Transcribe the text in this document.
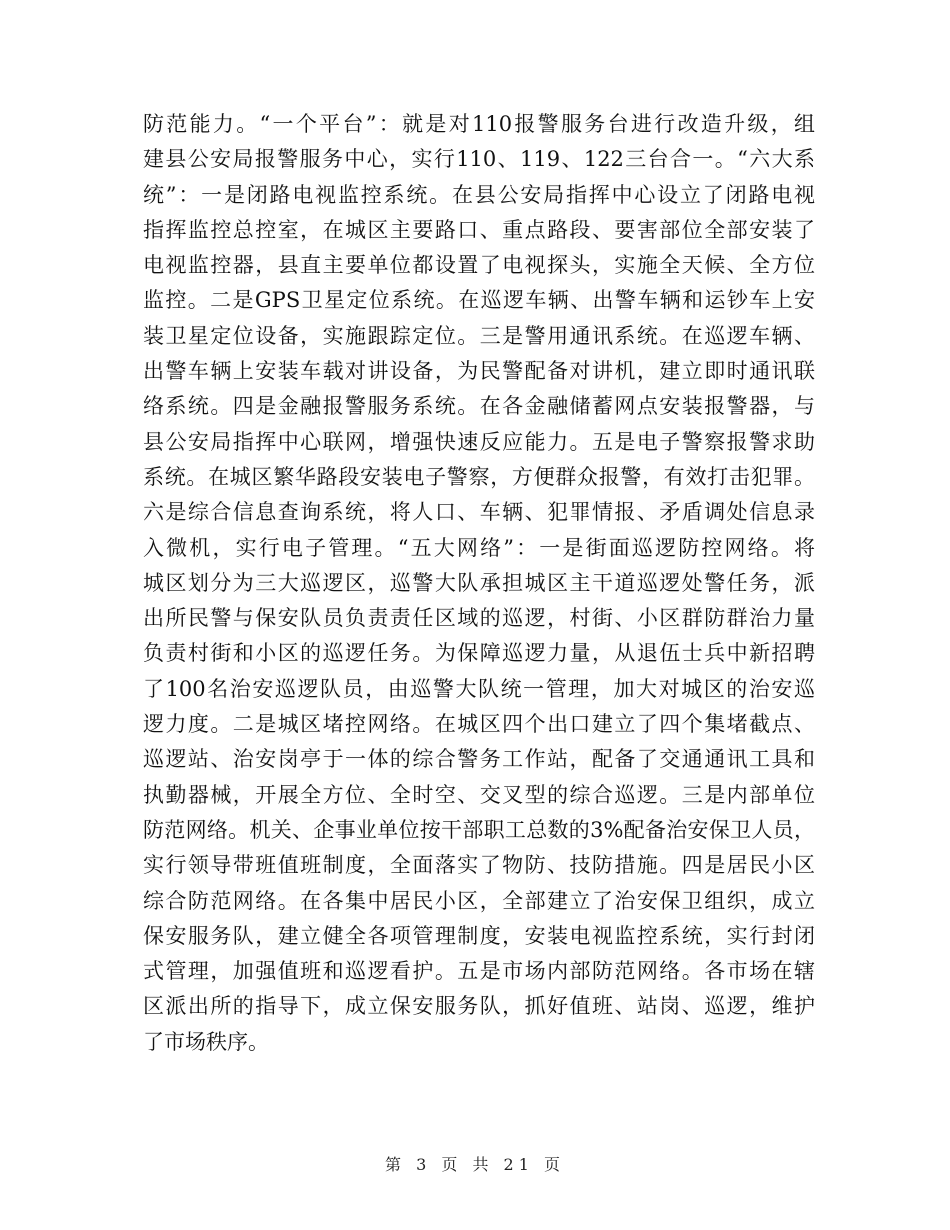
防范能力。“一个平台”：就是对110报警服务台进行改造升级，组
建县公安局报警服务中心，实行110、119、122三台合一。“六大系
统”：一是闭路电视监控系统。在县公安局指挥中心设立了闭路电视
指挥监控总控室，在城区主要路口、重点路段、要害部位全部安装了
电视监控器，县直主要单位都设置了电视探头，实施全天候、全方位
监控。二是GPS卫星定位系统。在巡逻车辆、出警车辆和运钞车上安
装卫星定位设备，实施跟踪定位。三是警用通讯系统。在巡逻车辆、
出警车辆上安装车载对讲设备，为民警配备对讲机，建立即时通讯联
络系统。四是金融报警服务系统。在各金融储蓄网点安装报警器，与
县公安局指挥中心联网，增强快速反应能力。五是电子警察报警求助
系统。在城区繁华路段安装电子警察，方便群众报警，有效打击犯罪。
六是综合信息查询系统，将人口、车辆、犯罪情报、矛盾调处信息录
入微机，实行电子管理。“五大网络”：一是街面巡逻防控网络。将
城区划分为三大巡逻区，巡警大队承担城区主干道巡逻处警任务，派
出所民警与保安队员负责责任区域的巡逻，村街、小区群防群治力量
负责村街和小区的巡逻任务。为保障巡逻力量，从退伍士兵中新招聘
了100名治安巡逻队员，由巡警大队统一管理，加大对城区的治安巡
逻力度。二是城区堵控网络。在城区四个出口建立了四个集堵截点、
巡逻站、治安岗亭于一体的综合警务工作站，配备了交通通讯工具和
执勤器械，开展全方位、全时空、交叉型的综合巡逻。三是内部单位
防范网络。机关、企事业单位按干部职工总数的3%配备治安保卫人员，
实行领导带班值班制度，全面落实了物防、技防措施。四是居民小区
综合防范网络。在各集中居民小区，全部建立了治安保卫组织，成立
保安服务队，建立健全各项管理制度，安装电视监控系统，实行封闭
式管理，加强值班和巡逻看护。五是市场内部防范网络。各市场在辖
区派出所的指导下，成立保安服务队，抓好值班、站岗、巡逻，维护
了市场秩序。
第 3 页 共 21 页
